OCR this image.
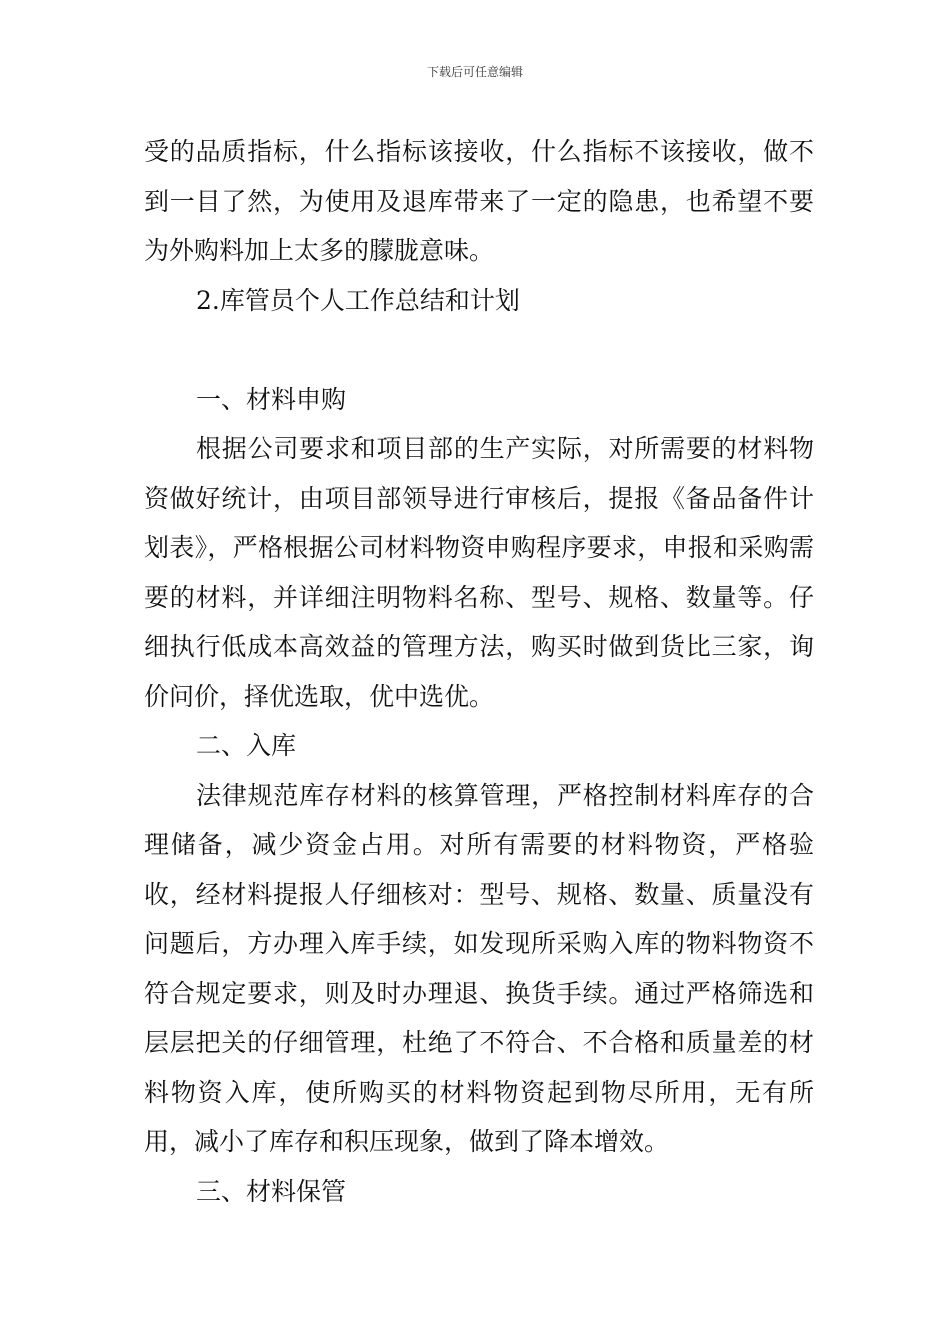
下载后可任意编辑

受的品质指标，什么指标该接收，什么指标不该接收，做不到一目了然，为使用及退库带来了一定的隐患，也希望不要为外购料加上太多的朦胧意味。

2.库管员个人工作总结和计划

一、材料申购

根据公司要求和项目部的生产实际，对所需要的材料物资做好统计，由项目部领导进行审核后，提报《备品备件计划表》，严格根据公司材料物资申购程序要求，申报和采购需要的材料，并详细注明物料名称、型号、规格、数量等。仔细执行低成本高效益的管理方法，购买时做到货比三家，询价问价，择优选取，优中选优。

二、入库

法律规范库存材料的核算管理，严格控制材料库存的合理储备，减少资金占用。对所有需要的材料物资，严格验收，经材料提报人仔细核对：型号、规格、数量、质量没有问题后，方办理入库手续，如发现所采购入库的物料物资不符合规定要求，则及时办理退、换货手续。通过严格筛选和层层把关的仔细管理，杜绝了不符合、不合格和质量差的材料物资入库，使所购买的材料物资起到物尽所用，无有所用，减小了库存和积压现象，做到了降本增效。

三、材料保管
